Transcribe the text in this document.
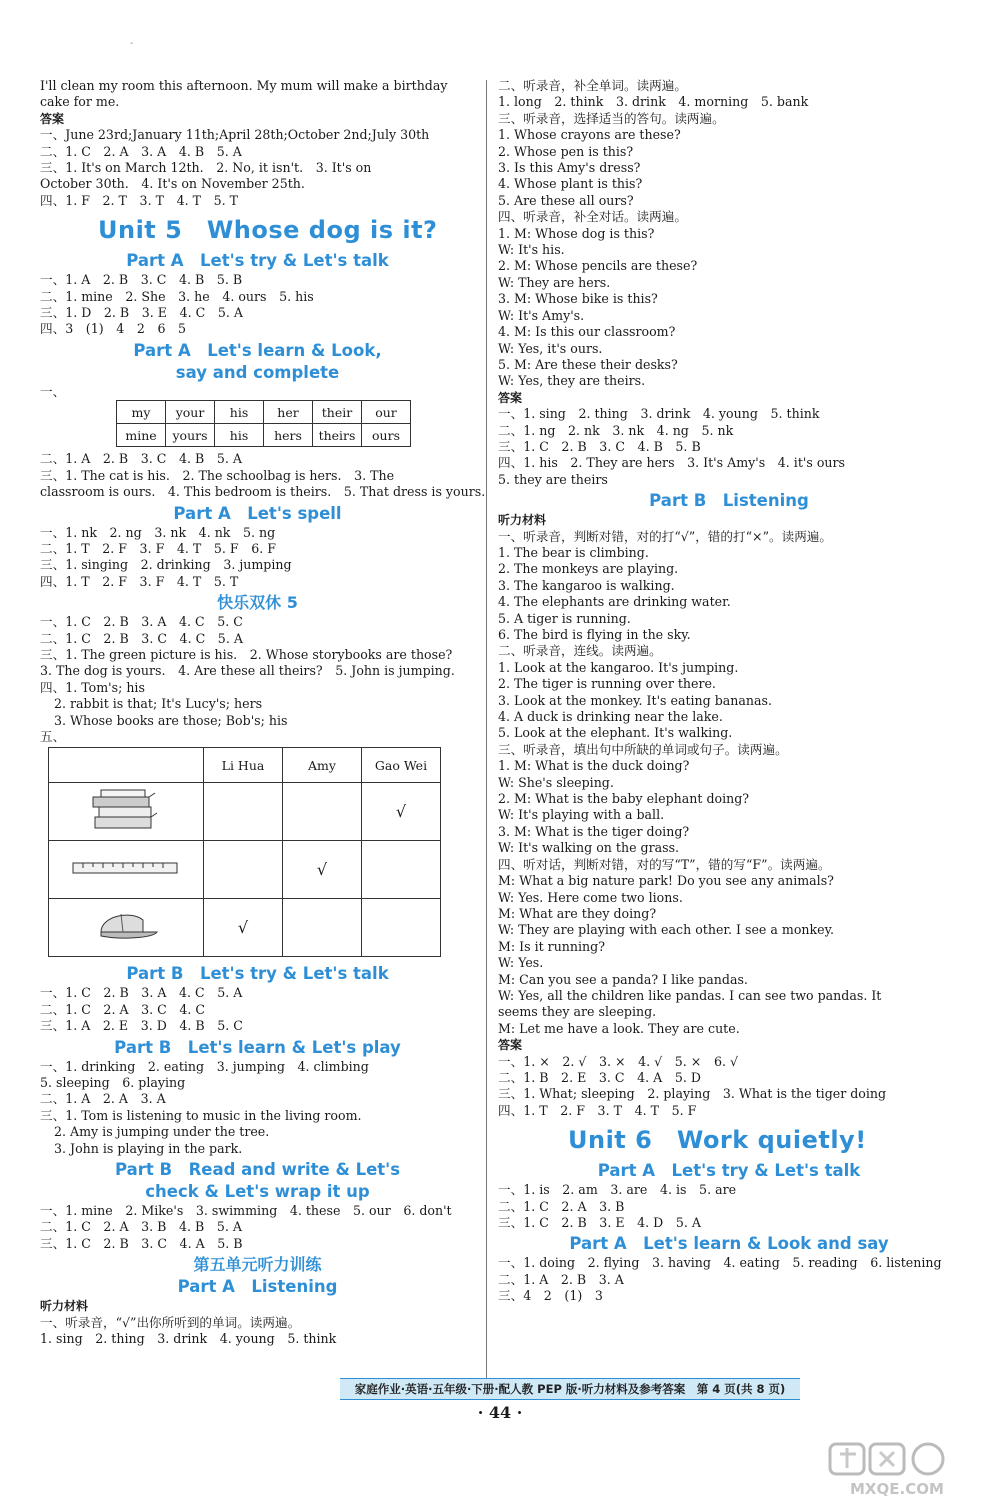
-
I'll clean my room this afternoon. My mum will make a birthday
cake for me.
答案
一、June 23rd;January 11th;April 28th;October 2nd;July 30th
二、1. C　2. A　3. A　4. B　5. A
三、1. It's on March 12th.　2. No, it isn't.　3. It's on
October 30th.　4. It's on November 25th.
四、1. F　2. T　3. T　4. T　5. T
Unit 5　Whose dog is it?
Part A　Let's try & Let's talk
一、1. A　2. B　3. C　4. B　5. B
二、1. mine　2. She　3. he　4. ours　5. his
三、1. D　2. B　3. E　4. C　5. A
四、3　(1)　4　2　6　5
Part A　Let's learn & Look,
say and complete
一、
my	your	his	her	their	our
mine	yours	his	hers	theirs	ours
二、1. A　2. B　3. C　4. B　5. A
三、1. The cat is his.　2. The schoolbag is hers.　3. The
classroom is ours.　4. This bedroom is theirs.　5. That dress is yours.
Part A　Let's spell
一、1. nk　2. ng　3. nk　4. nk　5. ng
二、1. T　2. F　3. F　4. T　5. F　6. F
三、1. singing　2. drinking　3. jumping
四、1. T　2. F　3. F　4. T　5. T
快乐双休 5
一、1. C　2. B　3. A　4. C　5. C
二、1. C　2. B　3. C　4. C　5. A
三、1. The green picture is his.　2. Whose storybooks are those?
3. The dog is yours.　4. Are these all theirs?　5. John is jumping.
四、1. Tom's; his
2. rabbit is that; It's Lucy's; hers
3. Whose books are those; Bob's; his
五、
	Li Hua	Amy	Gao Wei
			√
		√	
	√		
Part B　Let's try & Let's talk
一、1. C　2. B　3. A　4. C　5. A
二、1. C　2. A　3. C　4. C
三、1. A　2. E　3. D　4. B　5. C
Part B　Let's learn & Let's play
一、1. drinking　2. eating　3. jumping　4. climbing
5. sleeping　6. playing
二、1. A　2. A　3. A
三、1. Tom is listening to music in the living room.
2. Amy is jumping under the tree.
3. John is playing in the park.
Part B　Read and write & Let's
check & Let's wrap it up
一、1. mine　2. Mike's　3. swimming　4. these　5. our　6. don't
二、1. C　2. A　3. B　4. B　5. A
三、1. C　2. B　3. C　4. A　5. B
第五单元听力训练
Part A　Listening
听力材料
一、听录音，“√”出你所听到的单词。读两遍。
1. sing　2. thing　3. drink　4. young　5. think
二、听录音，补全单词。读两遍。
1. long　2. think　3. drink　4. morning　5. bank
三、听录音，选择适当的答句。读两遍。
1. Whose crayons are these?
2. Whose pen is this?
3. Is this Amy's dress?
4. Whose plant is this?
5. Are these all ours?
四、听录音，补全对话。读两遍。
1. M: Whose dog is this?
W: It's his.
2. M: Whose pencils are these?
W: They are hers.
3. M: Whose bike is this?
W: It's Amy's.
4. M: Is this our classroom?
W: Yes, it's ours.
5. M: Are these their desks?
W: Yes, they are theirs.
答案
一、1. sing　2. thing　3. drink　4. young　5. think
二、1. ng　2. nk　3. nk　4. ng　5. nk
三、1. C　2. B　3. C　4. B　5. B
四、1. his　2. They are hers　3. It's Amy's　4. it's ours
5. they are theirs
Part B　Listening
听力材料
一、听录音，判断对错，对的打“√”，错的打“×”。读两遍。
1. The bear is climbing.
2. The monkeys are playing.
3. The kangaroo is walking.
4. The elephants are drinking water.
5. A tiger is running.
6. The bird is flying in the sky.
二、听录音，连线。读两遍。
1. Look at the kangaroo. It's jumping.
2. The tiger is running over there.
3. Look at the monkey. It's eating bananas.
4. A duck is drinking near the lake.
5. Look at the elephant. It's walking.
三、听录音，填出句中所缺的单词或句子。读两遍。
1. M: What is the duck doing?
W: She's sleeping.
2. M: What is the baby elephant doing?
W: It's playing with a ball.
3. M: What is the tiger doing?
W: It's walking on the grass.
四、听对话，判断对错，对的写“T”，错的写“F”。读两遍。
M: What a big nature park! Do you see any animals?
W: Yes. Here come two lions.
M: What are they doing?
W: They are playing with each other. I see a monkey.
M: Is it running?
W: Yes.
M: Can you see a panda? I like pandas.
W: Yes, all the children like pandas. I can see two pandas. It
seems they are sleeping.
M: Let me have a look. They are cute.
答案
一、1. ×　2. √　3. ×　4. √　5. ×　6. √
二、1. B　2. E　3. C　4. A　5. D
三、1. What; sleeping　2. playing　3. What is the tiger doing
四、1. T　2. F　3. T　4. T　5. F
Unit 6　Work quietly!
Part A　Let's try & Let's talk
一、1. is　2. am　3. are　4. is　5. are
二、1. C　2. A　3. B
三、1. C　2. B　3. E　4. D　5. A
Part A　Let's learn & Look and say
一、1. doing　2. flying　3. having　4. eating　5. reading　6. listening
二、1. A　2. B　3. A
三、4　2　(1)　3
家庭作业·英语·五年级·下册·配人教 PEP 版·听力材料及参考答案　第 4 页(共 8 页)
· 44 ·
MXQE.COM
